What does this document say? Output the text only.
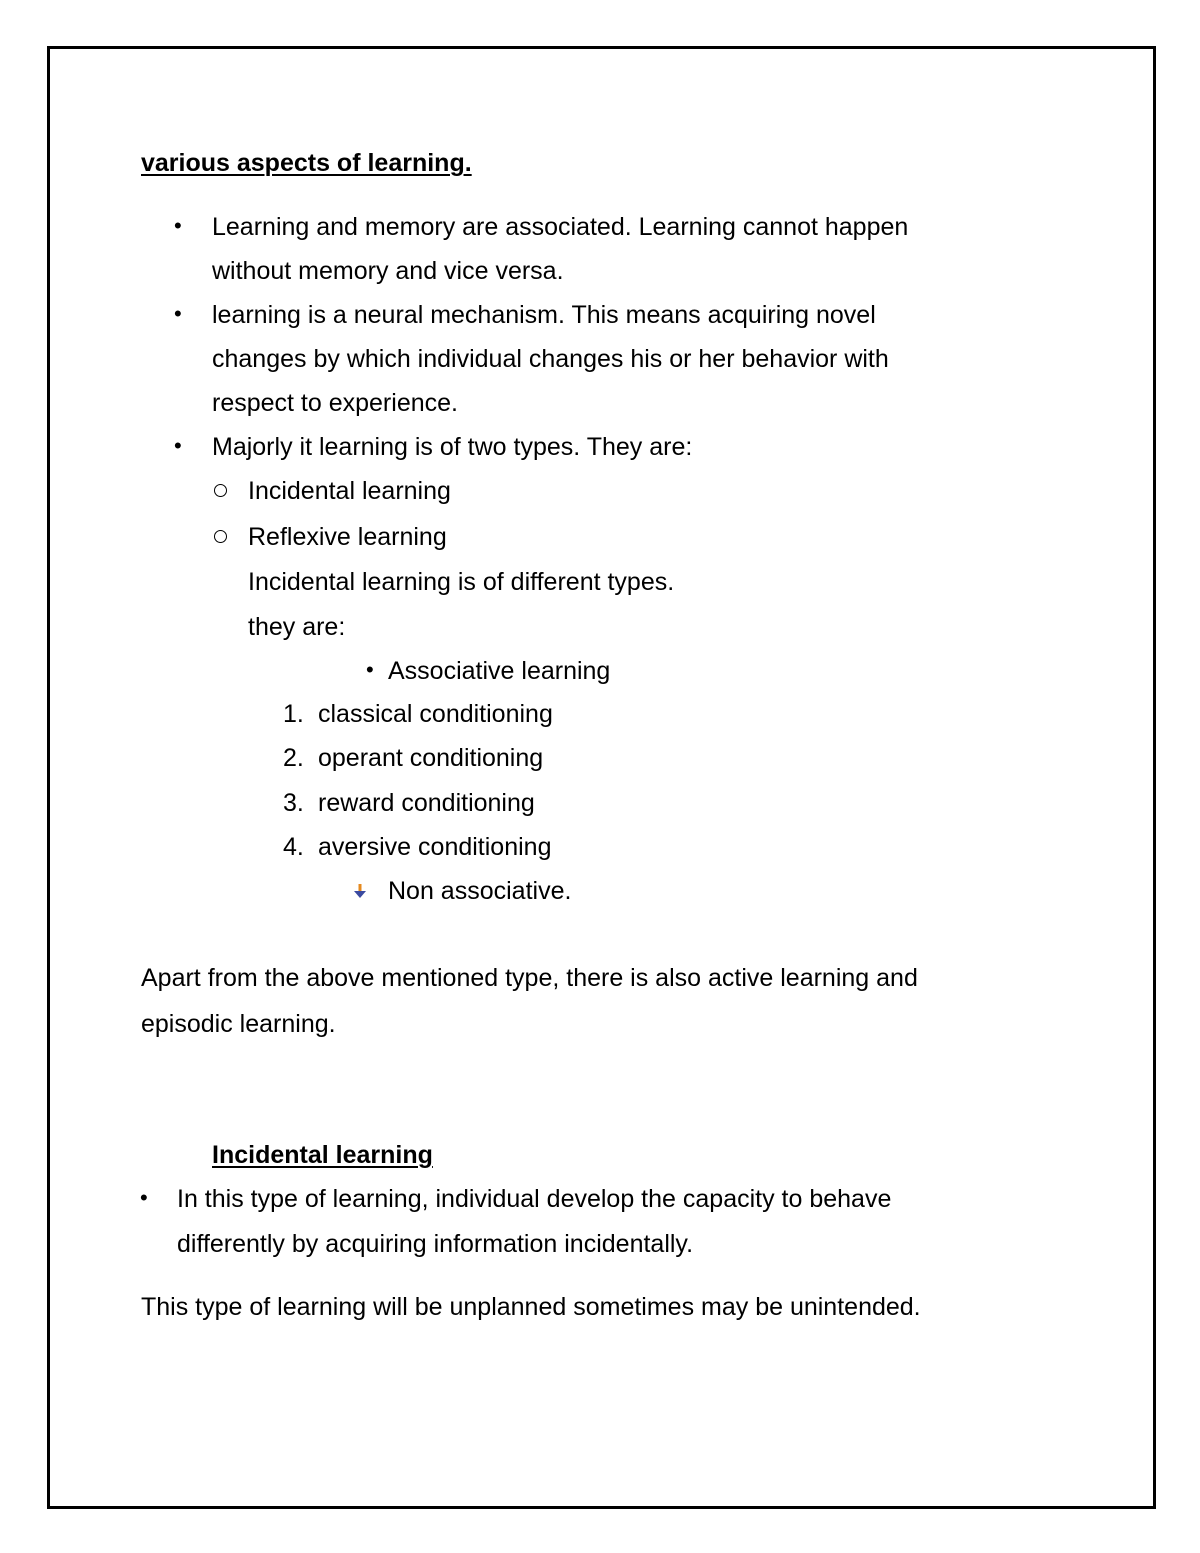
various aspects of learning.
• Learning and memory are associated. Learning cannot happen
without memory and vice versa.
• learning is a neural mechanism. This means acquiring novel
changes by which individual changes his or her behavior with
respect to experience.
• Majorly it learning is of two types. They are:
Incidental learning
Reflexive learning
Incidental learning is of different types.
they are:
• Associative learning
1. classical conditioning
2. operant conditioning
3. reward conditioning
4. aversive conditioning
Non associative.
Apart from the above mentioned type, there is also active learning and
episodic learning.
Incidental learning
• In this type of learning, individual develop the capacity to behave
differently by acquiring information incidentally.
This type of learning will be unplanned sometimes may be unintended.
